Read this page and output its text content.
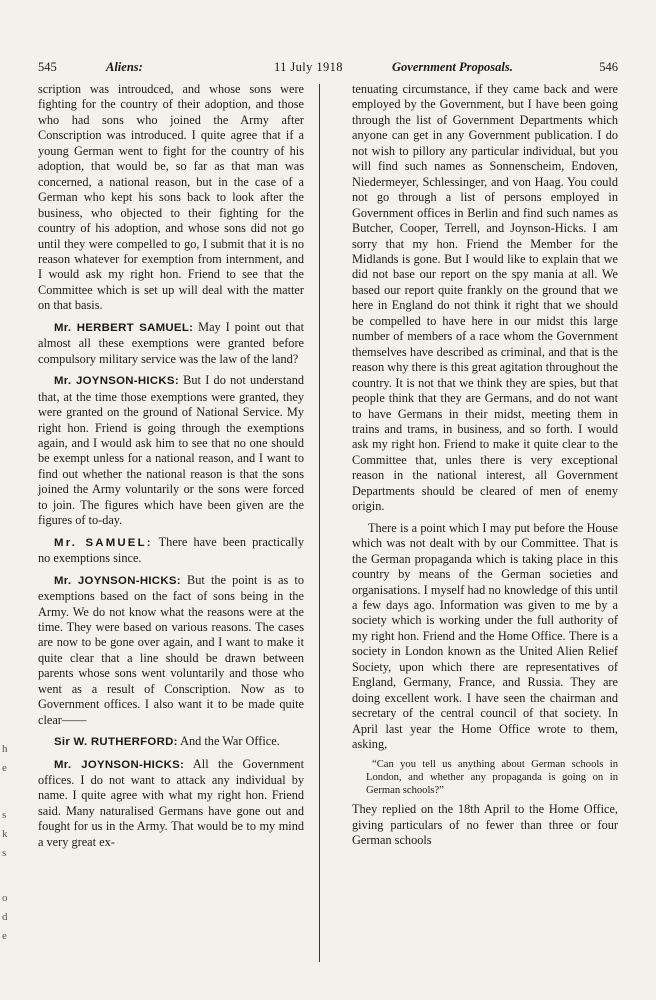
545	Aliens:	11 July 1918	Government Proposals.	546

scription was introudced, and whose sons were fighting for the country of their adoption, and those who had sons who joined the Army after Conscription was introduced. I quite agree that if a young German went to fight for the country of his adoption, that would be, so far as that man was concerned, a national reason, but in the case of a German who kept his sons back to look after the business, who objected to their fighting for the country of his adoption, and whose sons did not go until they were compelled to go, I submit that it is no reason whatever for exemption from internment, and I would ask my right hon. Friend to see that the Committee which is set up will deal with the matter on that basis.

Mr. HERBERT SAMUEL: May I point out that almost all these exemptions were granted before compulsory military service was the law of the land?

Mr. JOYNSON-HICKS: But I do not understand that, at the time those exemptions were granted, they were granted on the ground of National Service. My right hon. Friend is going through the exemptions again, and I would ask him to see that no one should be exempt unless for a national reason, and I want to find out whether the national reason is that the sons joined the Army voluntarily or the sons were forced to join. The figures which have been given are the figures of to-day.

Mr. SAMUEL: There have been practically no exemptions since.

Mr. JOYNSON-HICKS: But the point is as to exemptions based on the fact of sons being in the Army. We do not know what the reasons were at the time. They were based on various reasons. The cases are now to be gone over again, and I want to make it quite clear that a line should be drawn between parents whose sons went voluntarily and those who went as a result of Conscription. Now as to Government offices. I also want it to be made quite clear——

Sir W. RUTHERFORD: And the War Office.

Mr. JOYNSON-HICKS: All the Government offices. I do not want to attack any individual by name. I quite agree with what my right hon. Friend said. Many naturalised Germans have gone out and fought for us in the Army. That would be to my mind a very great ex-

tenuating circumstance, if they came back and were employed by the Government, but I have been going through the list of Government Departments which anyone can get in any Government publication. I do not wish to pillory any particular individual, but you will find such names as Sonnenscheim, Endoven, Niedermeyer, Schlessinger, and von Haag. You could not go through a list of persons employed in Government offices in Berlin and find such names as Butcher, Cooper, Terrell, and Joynson-Hicks. I am sorry that my hon. Friend the Member for the Midlands is gone. But I would like to explain that we did not base our report on the spy mania at all. We based our report quite frankly on the ground that we here in England do not think it right that we should be compelled to have here in our midst this large number of members of a race whom the Government themselves have described as criminal, and that is the reason why there is this great agitation throughout the country. It is not that we think they are spies, but that people think that they are Germans, and do not want to have Germans in their midst, meeting them in trains and trams, in business, and so forth. I would ask my right hon. Friend to make it quite clear to the Committee that, unles there is very exceptional reason in the national interest, all Government Departments should be cleared of men of enemy origin.

There is a point which I may put before the House which was not dealt with by our Committee. That is the German propaganda which is taking place in this country by means of the German societies and organisations. I myself had no knowledge of this until a few days ago. Information was given to me by a society which is working under the full authority of my right hon. Friend and the Home Office. There is a society in London known as the United Alien Relief Society, upon which there are representatives of England, Germany, France, and Russia. They are doing excellent work. I have seen the chairman and secretary of the central council of that society. In April last year the Home Office wrote to them, asking,

“Can you tell us anything about German schools in London, and whether any propaganda is going on in German schools?”

They replied on the 18th April to the Home Office, giving particulars of no fewer than three or four German schools

h
e
s
k
s
o
d
e
